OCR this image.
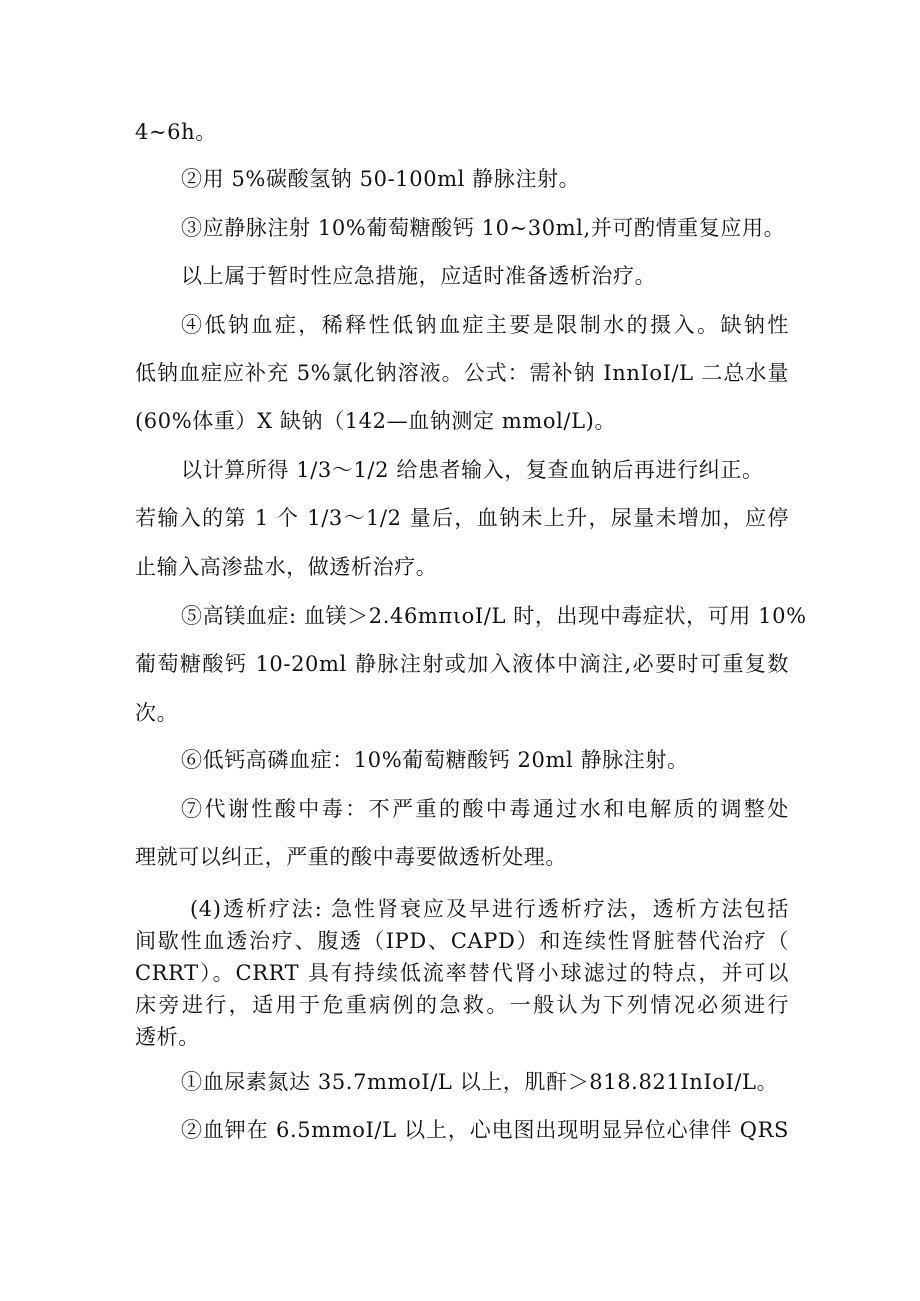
4~6h。
②用 5%碳酸氢钠 50-100ml 静脉注射。
③应静脉注射 10%葡萄糖酸钙 10~30ml,并可酌情重复应用。
以上属于暂时性应急措施，应适时准备透析治疗。
④低钠血症，稀释性低钠血症主要是限制水的摄入。缺钠性
低钠血症应补充 5%氯化钠溶液。公式：需补钠 InnIoI/L 二总水量
(60%体重）X 缺钠（142—血钠测定 mmol/L)。
以计算所得 1/3～1/2 给患者输入，复查血钠后再进行纠正。
若输入的第 1 个 1/3～1/2 量后，血钠未上升，尿量未增加，应停
止输入高渗盐水，做透析治疗。
⑤高镁血症: 血镁＞2.46mπιoΙ/L 时，出现中毒症状，可用 10%
葡萄糖酸钙 10-20ml 静脉注射或加入液体中滴注,必要时可重复数
次。
⑥低钙高磷血症：10%葡萄糖酸钙 20ml 静脉注射。
⑦代谢性酸中毒：不严重的酸中毒通过水和电解质的调整处
理就可以纠正，严重的酸中毒要做透析处理。
(4)透析疗法: 急性肾衰应及早进行透析疗法，透析方法包括
间歇性血透治疗、腹透（IPD、CAPD）和连续性肾脏替代治疗（
CRRT）。CRRT 具有持续低流率替代肾小球滤过的特点，并可以
床旁进行，适用于危重病例的急救。一般认为下列情况必须进行
透析。
①血尿素氮达 35.7mmoΙ/L 以上，肌酐＞818.821InIoI/L。
②血钾在 6.5mmoΙ/L 以上，心电图出现明显异位心律伴 QRS
